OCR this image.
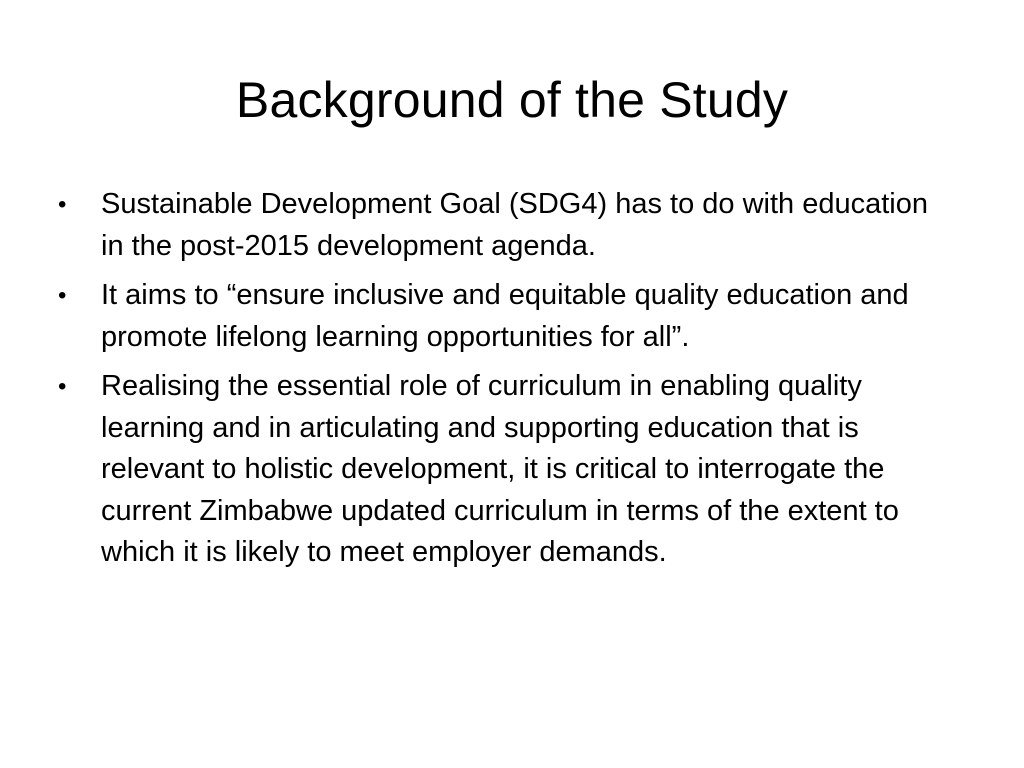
Background of the Study
•	Sustainable Development Goal (SDG4) has to do with education in the post-2015 development agenda.
•	It aims to “ensure inclusive and equitable quality education and promote lifelong learning opportunities for all”.
•	Realising the essential role of curriculum in enabling quality learning and in articulating and supporting education that is relevant to holistic development, it is critical to interrogate the current Zimbabwe updated curriculum in terms of the extent to which it is likely to meet employer demands.
